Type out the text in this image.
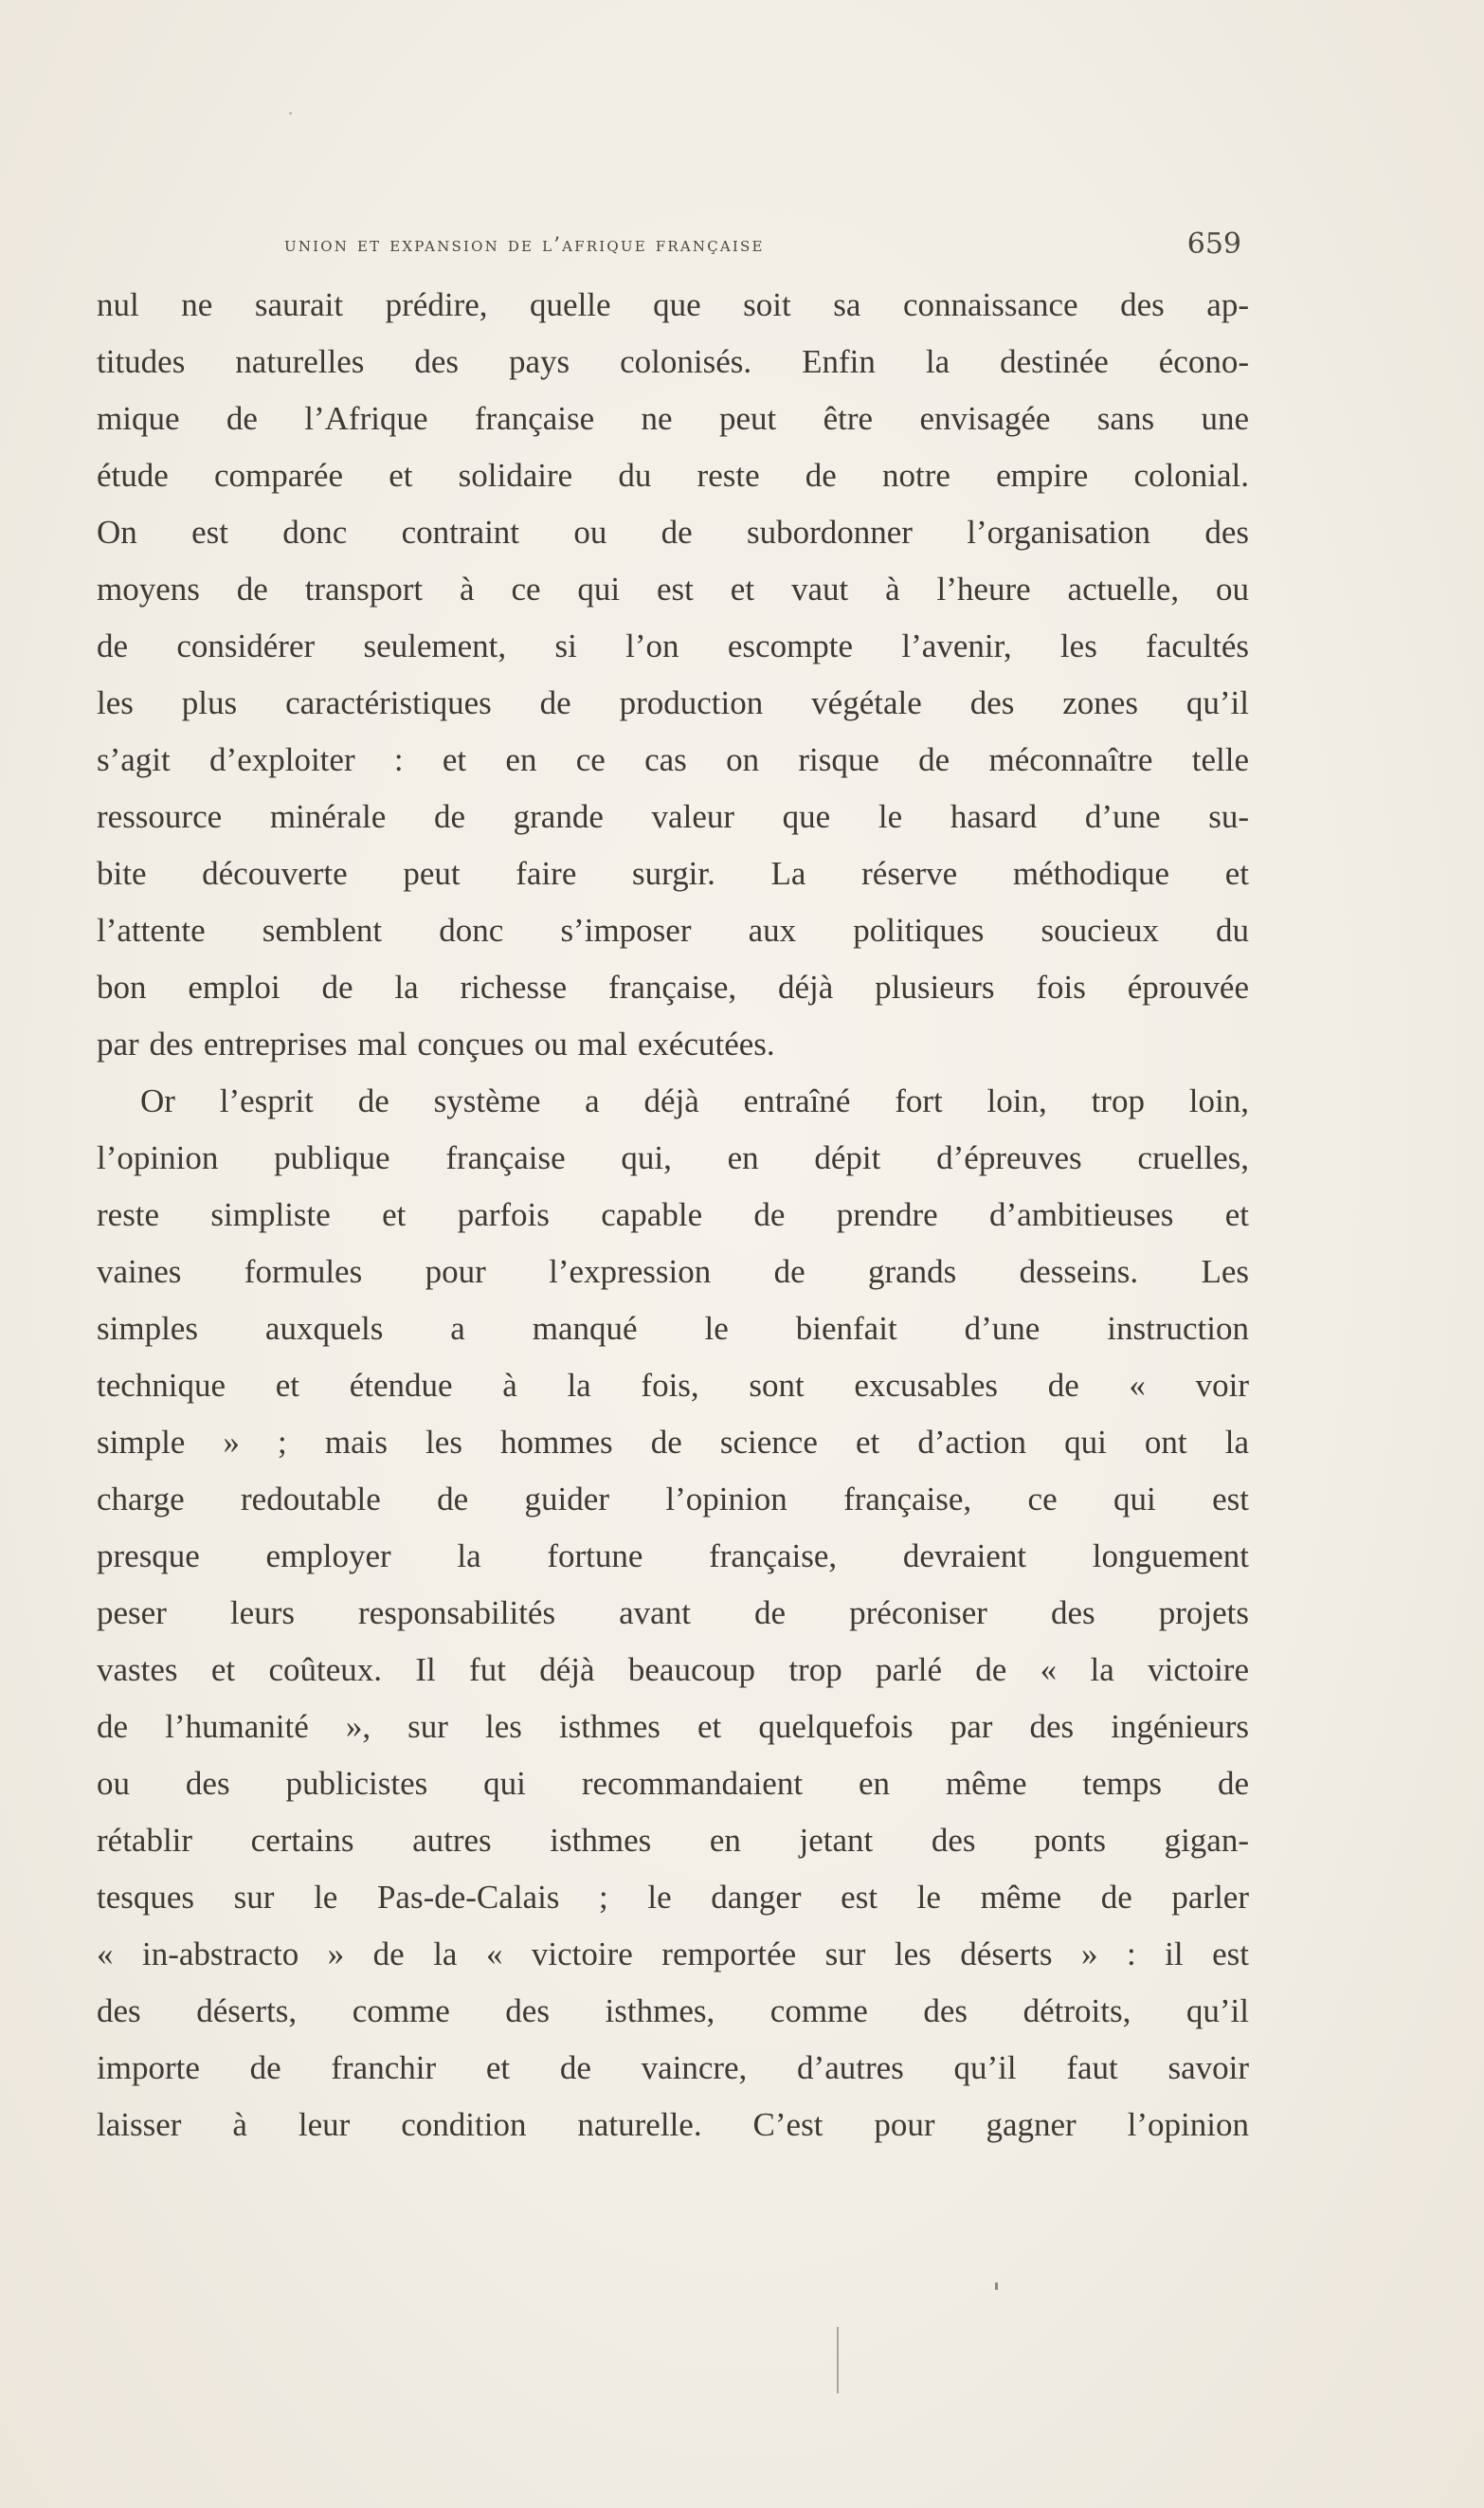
union et expansion de l’afrique française	659
nul ne saurait prédire, quelle que soit sa connaissance des ap-
titudes naturelles des pays colonisés. Enfin la destinée écono-
mique de l’Afrique française ne peut être envisagée sans une
étude comparée et solidaire du reste de notre empire colonial.
On est donc contraint ou de subordonner l’organisation des
moyens de transport à ce qui est et vaut à l’heure actuelle, ou
de considérer seulement, si l’on escompte l’avenir, les facultés
les plus caractéristiques de production végétale des zones qu’il
s’agit d’exploiter : et en ce cas on risque de méconnaître telle
ressource minérale de grande valeur que le hasard d’une su-
bite découverte peut faire surgir. La réserve méthodique et
l’attente semblent donc s’imposer aux politiques soucieux du
bon emploi de la richesse française, déjà plusieurs fois éprouvée
par des entreprises mal conçues ou mal exécutées.
Or l’esprit de système a déjà entraîné fort loin, trop loin,
l’opinion publique française qui, en dépit d’épreuves cruelles,
reste simpliste et parfois capable de prendre d’ambitieuses et
vaines formules pour l’expression de grands desseins. Les
simples auxquels a manqué le bienfait d’une instruction
technique et étendue à la fois, sont excusables de « voir
simple » ; mais les hommes de science et d’action qui ont la
charge redoutable de guider l’opinion française, ce qui est
presque employer la fortune française, devraient longuement
peser leurs responsabilités avant de préconiser des projets
vastes et coûteux. Il fut déjà beaucoup trop parlé de « la victoire
de l’humanité », sur les isthmes et quelquefois par des ingénieurs
ou des publicistes qui recommandaient en même temps de
rétablir certains autres isthmes en jetant des ponts gigan-
tesques sur le Pas-de-Calais ; le danger est le même de parler
« in-abstracto » de la « victoire remportée sur les déserts » : il est
des déserts, comme des isthmes, comme des détroits, qu’il
importe de franchir et de vaincre, d’autres qu’il faut savoir
laisser à leur condition naturelle. C’est pour gagner l’opinion
